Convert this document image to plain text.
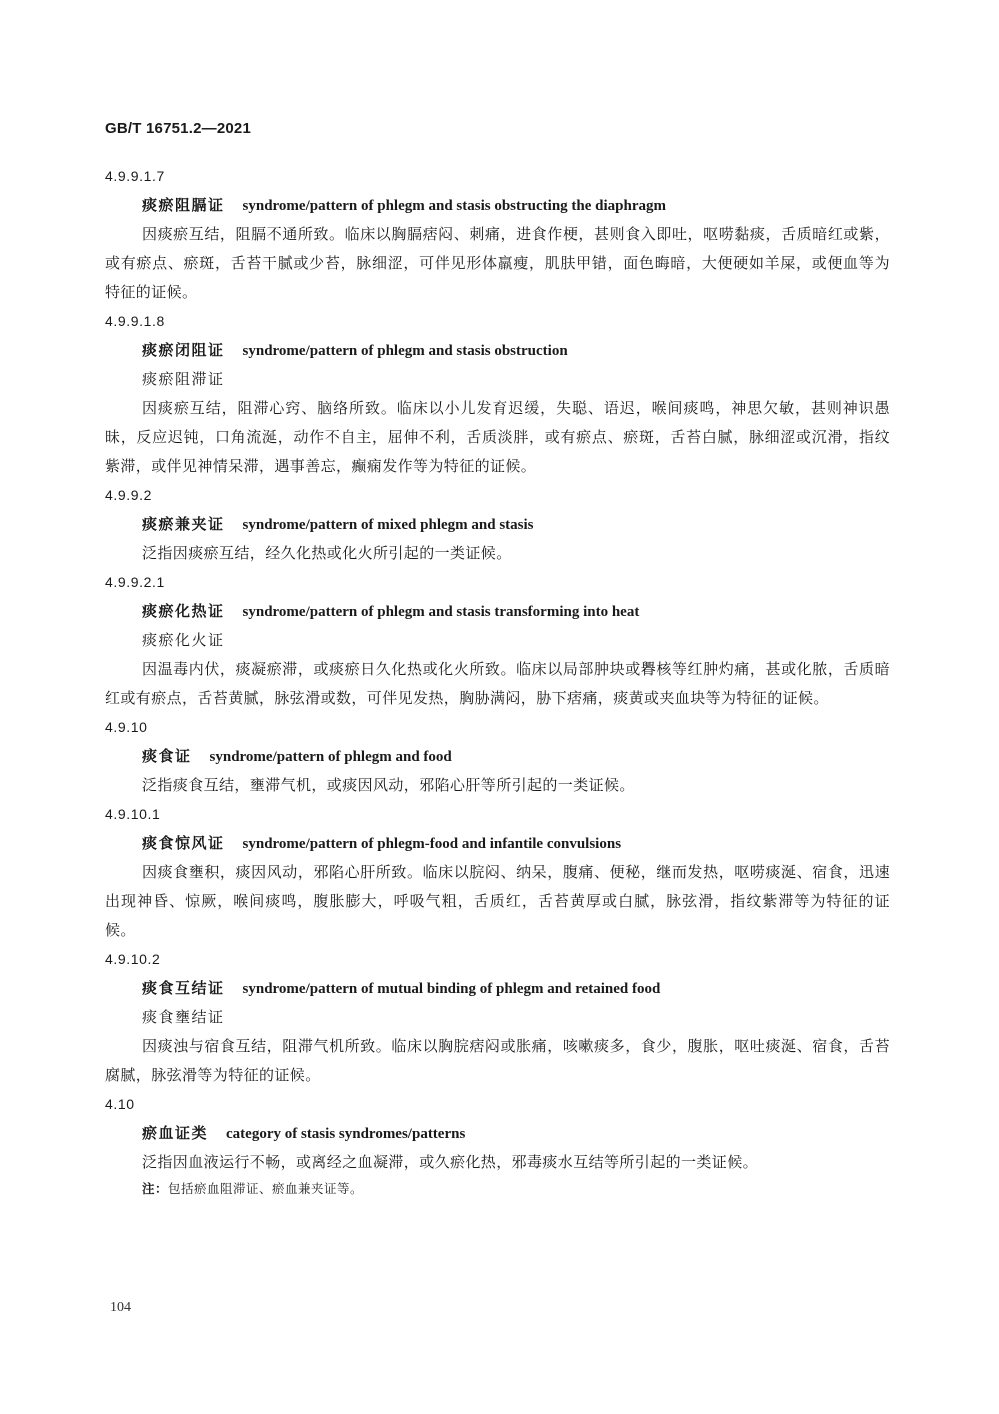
GB/T 16751.2—2021
4.9.9.1.7
痰瘀阻膈证 syndrome/pattern of phlegm and stasis obstructing the diaphragm
因痰瘀互结，阻膈不通所致。临床以胸膈痞闷、刺痛，进食作梗，甚则食入即吐，呕唠黏痰，舌质暗红或紫，或有瘀点、瘀斑，舌苔干腻或少苔，脉细涩，可伴见形体羸瘦，肌肤甲错，面色晦暗，大便硬如羊屎，或便血等为特征的证候。
4.9.9.1.8
痰瘀闭阻证 syndrome/pattern of phlegm and stasis obstruction
痰瘀阻滞证
因痰瘀互结，阻滞心窍、脑络所致。临床以小儿发育迟缓，失聪、语迟，喉间痰鸣，神思欠敏，甚则神识愚昧，反应迟钝，口角流涎，动作不自主，屈伸不利，舌质淡胖，或有瘀点、瘀斑，舌苔白腻，脉细涩或沉滑，指纹紫滞，或伴见神情呆滞，遇事善忘，癫痫发作等为特征的证候。
4.9.9.2
痰瘀兼夹证 syndrome/pattern of mixed phlegm and stasis
泛指因痰瘀互结，经久化热或化火所引起的一类证候。
4.9.9.2.1
痰瘀化热证 syndrome/pattern of phlegm and stasis transforming into heat
痰瘀化火证
因温毒内伏，痰凝瘀滞，或痰瘀日久化热或化火所致。临床以局部肿块或臖核等红肿灼痛，甚或化脓，舌质暗红或有瘀点，舌苔黄腻，脉弦滑或数，可伴见发热，胸胁满闷，胁下痞痛，痰黄或夹血块等为特征的证候。
4.9.10
痰食证 syndrome/pattern of phlegm and food
泛指痰食互结，壅滞气机，或痰因风动，邪陷心肝等所引起的一类证候。
4.9.10.1
痰食惊风证 syndrome/pattern of phlegm-food and infantile convulsions
因痰食壅积，痰因风动，邪陷心肝所致。临床以脘闷、纳呆，腹痛、便秘，继而发热，呕唠痰涎、宿食，迅速出现神昏、惊厥，喉间痰鸣，腹胀膨大，呼吸气粗，舌质红，舌苔黄厚或白腻，脉弦滑，指纹紫滞等为特征的证候。
4.9.10.2
痰食互结证 syndrome/pattern of mutual binding of phlegm and retained food
痰食壅结证
因痰浊与宿食互结，阻滞气机所致。临床以胸脘痞闷或胀痛，咳嗽痰多，食少，腹胀，呕吐痰涎、宿食，舌苔腐腻，脉弦滑等为特征的证候。
4.10
瘀血证类 category of stasis syndromes/patterns
泛指因血液运行不畅，或离经之血凝滞，或久瘀化热，邪毒痰水互结等所引起的一类证候。
注：包括瘀血阻滞证、瘀血兼夹证等。
104
